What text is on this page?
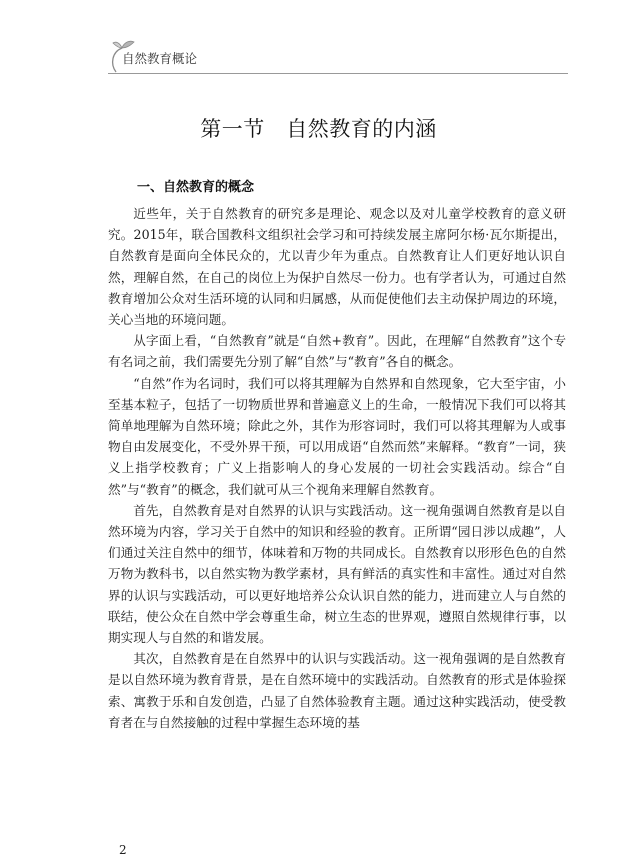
自然教育概论
第一节　自然教育的内涵
一、自然教育的概念

近些年，关于自然教育的研究多是理论、观念以及对儿童学校教育的意义研究。2015年，联合国教科文组织社会学习和可持续发展主席阿尔杨·瓦尔斯提出，自然教育是面向全体民众的，尤以青少年为重点。自然教育让人们更好地认识自然，理解自然，在自己的岗位上为保护自然尽一份力。也有学者认为，可通过自然教育增加公众对生活环境的认同和归属感，从而促使他们去主动保护周边的环境，关心当地的环境问题。

从字面上看，“自然教育”就是“自然+教育”。因此，在理解“自然教育”这个专有名词之前，我们需要先分别了解“自然”与“教育”各自的概念。

“自然”作为名词时，我们可以将其理解为自然界和自然现象，它大至宇宙，小至基本粒子，包括了一切物质世界和普遍意义上的生命，一般情况下我们可以将其简单地理解为自然环境；除此之外，其作为形容词时，我们可以将其理解为人或事物自由发展变化，不受外界干预，可以用成语“自然而然”来解释。“教育”一词，狭义上指学校教育；广义上指影响人的身心发展的一切社会实践活动。综合“自然”与“教育”的概念，我们就可从三个视角来理解自然教育。

首先，自然教育是对自然界的认识与实践活动。这一视角强调自然教育是以自然环境为内容，学习关于自然中的知识和经验的教育。正所谓“园日涉以成趣”，人们通过关注自然中的细节，体味着和万物的共同成长。自然教育以形形色色的自然万物为教科书，以自然实物为教学素材，具有鲜活的真实性和丰富性。通过对自然界的认识与实践活动，可以更好地培养公众认识自然的能力，进而建立人与自然的联结，使公众在自然中学会尊重生命，树立生态的世界观，遵照自然规律行事，以期实现人与自然的和谐发展。

其次，自然教育是在自然界中的认识与实践活动。这一视角强调的是自然教育是以自然环境为教育背景，是在自然环境中的实践活动。自然教育的形式是体验探索、寓教于乐和自发创造，凸显了自然体验教育主题。通过这种实践活动，使受教育者在与自然接触的过程中掌握生态环境的基

2
